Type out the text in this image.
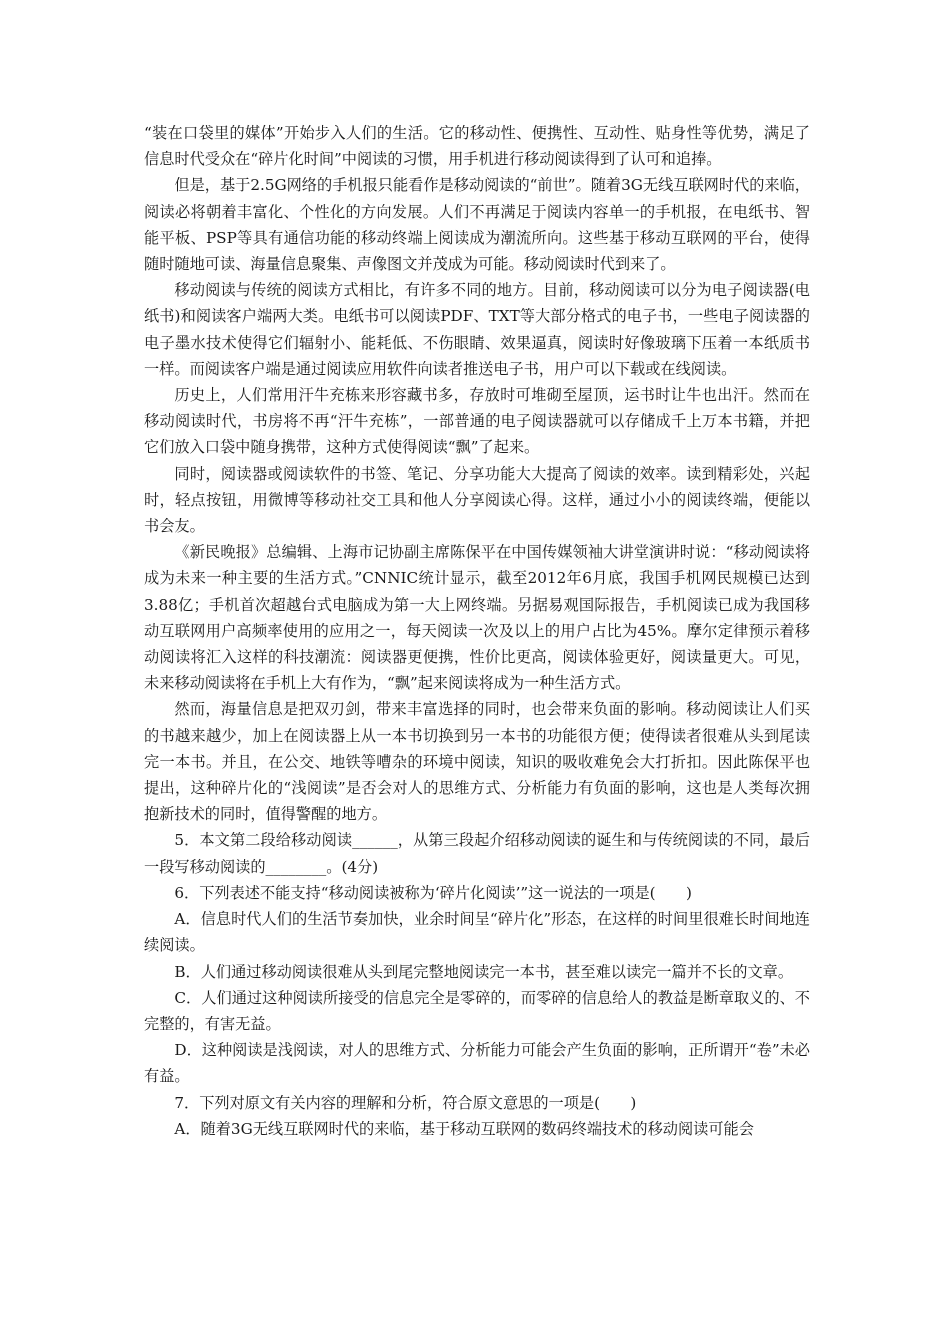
“装在口袋里的媒体”开始步入人们的生活。它的移动性、便携性、互动性、贴身性等优势，满足了信息时代受众在“碎片化时间”中阅读的习惯，用手机进行移动阅读得到了认可和追捧。

但是，基于2.5G网络的手机报只能看作是移动阅读的“前世”。随着3G无线互联网时代的来临，阅读必将朝着丰富化、个性化的方向发展。人们不再满足于阅读内容单一的手机报，在电纸书、智能平板、PSP等具有通信功能的移动终端上阅读成为潮流所向。这些基于移动互联网的平台，使得随时随地可读、海量信息聚集、声像图文并茂成为可能。移动阅读时代到来了。

移动阅读与传统的阅读方式相比，有许多不同的地方。目前，移动阅读可以分为电子阅读器(电纸书)和阅读客户端两大类。电纸书可以阅读PDF、TXT等大部分格式的电子书，一些电子阅读器的电子墨水技术使得它们辐射小、能耗低、不伤眼睛、效果逼真，阅读时好像玻璃下压着一本纸质书一样。而阅读客户端是通过阅读应用软件向读者推送电子书，用户可以下载或在线阅读。

历史上，人们常用汗牛充栋来形容藏书多，存放时可堆砌至屋顶，运书时让牛也出汗。然而在移动阅读时代，书房将不再“汗牛充栋”，一部普通的电子阅读器就可以存储成千上万本书籍，并把它们放入口袋中随身携带，这种方式使得阅读“飘”了起来。

同时，阅读器或阅读软件的书签、笔记、分享功能大大提高了阅读的效率。读到精彩处，兴起时，轻点按钮，用微博等移动社交工具和他人分享阅读心得。这样，通过小小的阅读终端，便能以书会友。

《新民晚报》总编辑、上海市记协副主席陈保平在中国传媒领袖大讲堂演讲时说：“移动阅读将成为未来一种主要的生活方式。”CNNIC统计显示，截至2012年6月底，我国手机网民规模已达到3.88亿；手机首次超越台式电脑成为第一大上网终端。另据易观国际报告，手机阅读已成为我国移动互联网用户高频率使用的应用之一，每天阅读一次及以上的用户占比为45%。摩尔定律预示着移动阅读将汇入这样的科技潮流：阅读器更便携，性价比更高，阅读体验更好，阅读量更大。可见，未来移动阅读将在手机上大有作为，“飘”起来阅读将成为一种生活方式。

然而，海量信息是把双刃剑，带来丰富选择的同时，也会带来负面的影响。移动阅读让人们买的书越来越少，加上在阅读器上从一本书切换到另一本书的功能很方便；使得读者很难从头到尾读完一本书。并且，在公交、地铁等嘈杂的环境中阅读，知识的吸收难免会大打折扣。因此陈保平也提出，这种碎片化的“浅阅读”是否会对人的思维方式、分析能力有负面的影响，这也是人类每次拥抱新技术的同时，值得警醒的地方。

5．本文第二段给移动阅读______，从第三段起介绍移动阅读的诞生和与传统阅读的不同，最后一段写移动阅读的________。(4分)

6．下列表述不能支持“移动阅读被称为‘碎片化阅读’”这一说法的一项是(　　)

A．信息时代人们的生活节奏加快，业余时间呈“碎片化”形态，在这样的时间里很难长时间地连续阅读。

B．人们通过移动阅读很难从头到尾完整地阅读完一本书，甚至难以读完一篇并不长的文章。

C．人们通过这种阅读所接受的信息完全是零碎的，而零碎的信息给人的教益是断章取义的、不完整的，有害无益。

D．这种阅读是浅阅读，对人的思维方式、分析能力可能会产生负面的影响，正所谓开“卷”未必有益。

7．下列对原文有关内容的理解和分析，符合原文意思的一项是(　　)

A．随着3G无线互联网时代的来临，基于移动互联网的数码终端技术的移动阅读可能会
